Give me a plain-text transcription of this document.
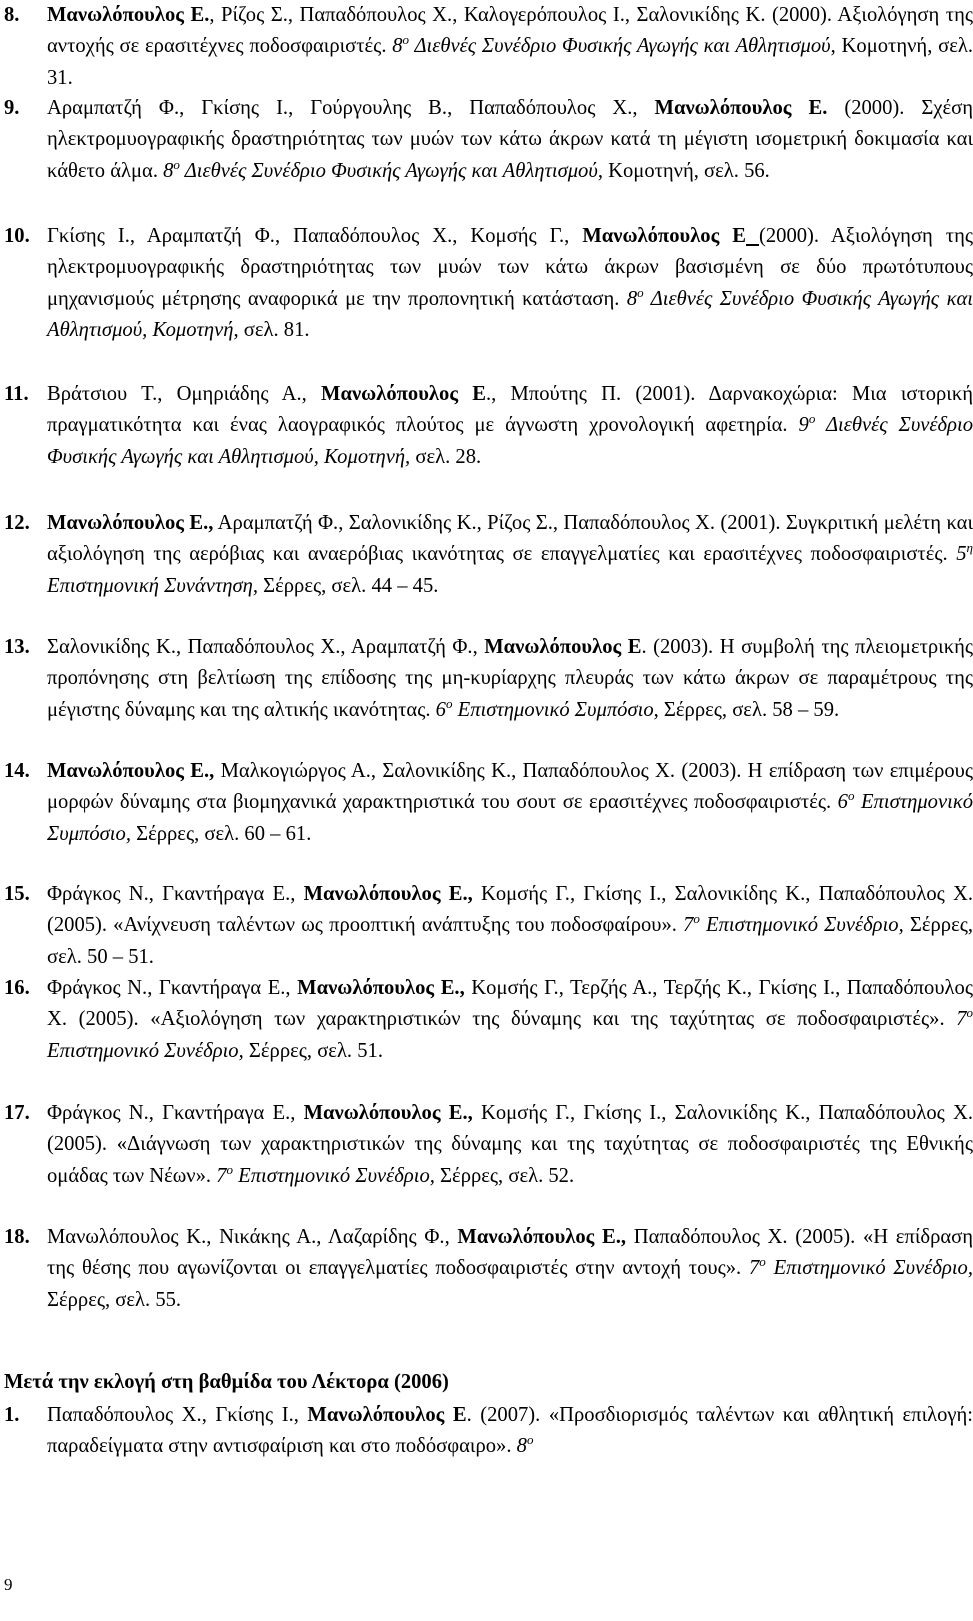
8. Μανωλόπουλος Ε., Ρίζος Σ., Παπαδόπουλος Χ., Καλογερόπουλος Ι., Σαλονικίδης Κ. (2000). Αξιολόγηση της αντοχής σε ερασιτέχνες ποδοσφαιριστές. $8^o$ Διεθνές Συνέδριο Φυσικής Αγωγής και Αθλητισμού, Κομοτηνή, σελ. 31.
9. Αραμπατζή Φ., Γκίσης Ι., Γούργουλης Β., Παπαδόπουλος Χ., Μανωλόπουλος Ε. (2000). Σχέση ηλεκτρομυογραφικής δραστηριότητας των μυών των κάτω άκρων κατά τη μέγιστη ισομετρική δοκιμασία και κάθετο άλμα. $8^o$ Διεθνές Συνέδριο Φυσικής Αγωγής και Αθλητισμού, Κομοτηνή, σελ. 56.
10. Γκίσης Ι., Αραμπατζή Φ., Παπαδόπουλος Χ., Κομσής Γ., Μανωλόπουλος Ε (2000). Αξιολόγηση της ηλεκτρομυογραφικής δραστηριότητας των μυών των κάτω άκρων βασισμένη σε δύο πρωτότυπους μηχανισμούς μέτρησης αναφορικά με την προπονητική κατάσταση. $8^o$ Διεθνές Συνέδριο Φυσικής Αγωγής και Αθλητισμού, Κομοτηνή, σελ. 81.
11. Βράτσιου Τ., Ομηριάδης Α., Μανωλόπουλος Ε., Μπούτης Π. (2001). Δαρνακοχώρια: Μια ιστορική πραγματικότητα και ένας λαογραφικός πλούτος με άγνωστη χρονολογική αφετηρία. $9^o$ Διεθνές Συνέδριο Φυσικής Αγωγής και Αθλητισμού, Κομοτηνή, σελ. 28.
12. Μανωλόπουλος Ε., Αραμπατζή Φ., Σαλονικίδης Κ., Ρίζος Σ., Παπαδόπουλος Χ. (2001). Συγκριτική μελέτη και αξιολόγηση της αερόβιας και αναερόβιας ικανότητας σε επαγγελματίες και ερασιτέχνες ποδοσφαιριστές. $5^\eta$ Επιστημονική Συνάντηση, Σέρρες, σελ. 44 – 45.
13. Σαλονικίδης Κ., Παπαδόπουλος Χ., Αραμπατζή Φ., Μανωλόπουλος Ε. (2003). Η συμβολή της πλειομετρικής προπόνησης στη βελτίωση της επίδοσης της μη-κυρίαρχης πλευράς των κάτω άκρων σε παραμέτρους της μέγιστης δύναμης και της αλτικής ικανότητας. $6^o$ Επιστημονικό Συμπόσιο, Σέρρες, σελ. 58 – 59.
14. Μανωλόπουλος Ε., Μαλκογιώργος Α., Σαλονικίδης Κ., Παπαδόπουλος Χ. (2003). Η επίδραση των επιμέρους μορφών δύναμης στα βιομηχανικά χαρακτηριστικά του σουτ σε ερασιτέχνες ποδοσφαιριστές. $6^o$ Επιστημονικό Συμπόσιο, Σέρρες, σελ. 60 – 61.
15. Φράγκος Ν., Γκαντήραγα Ε., Μανωλόπουλος Ε., Κομσής Γ., Γκίσης Ι., Σαλονικίδης Κ., Παπαδόπουλος Χ. (2005). «Ανίχνευση ταλέντων ως προοπτική ανάπτυξης του ποδοσφαίρου». $7^o$ Επιστημονικό Συνέδριο, Σέρρες, σελ. 50 – 51.
16. Φράγκος Ν., Γκαντήραγα Ε., Μανωλόπουλος Ε., Κομσής Γ., Τερζής Α., Τερζής Κ., Γκίσης Ι., Παπαδόπουλος Χ. (2005). «Αξιολόγηση των χαρακτηριστικών της δύναμης και της ταχύτητας σε ποδοσφαιριστές». $7^o$ Επιστημονικό Συνέδριο, Σέρρες, σελ. 51.
17. Φράγκος Ν., Γκαντήραγα Ε., Μανωλόπουλος Ε., Κομσής Γ., Γκίσης Ι., Σαλονικίδης Κ., Παπαδόπουλος Χ. (2005). «Διάγνωση των χαρακτηριστικών της δύναμης και της ταχύτητας σε ποδοσφαιριστές της Εθνικής ομάδας των Νέων». $7^o$ Επιστημονικό Συνέδριο, Σέρρες, σελ. 52.
18. Μανωλόπουλος Κ., Νικάκης Α., Λαζαρίδης Φ., Μανωλόπουλος Ε., Παπαδόπουλος Χ. (2005). «Η επίδραση της θέσης που αγωνίζονται οι επαγγελματίες ποδοσφαιριστές στην αντοχή τους». $7^o$ Επιστημονικό Συνέδριο, Σέρρες, σελ. 55.
Μετά την εκλογή στη βαθμίδα του Λέκτορα (2006)
1. Παπαδόπουλος Χ., Γκίσης Ι., Μανωλόπουλος Ε. (2007). «Προσδιορισμός ταλέντων και αθλητική επιλογή: παραδείγματα στην αντισφαίριση και στο ποδόσφαιρο». $8^o$
9
